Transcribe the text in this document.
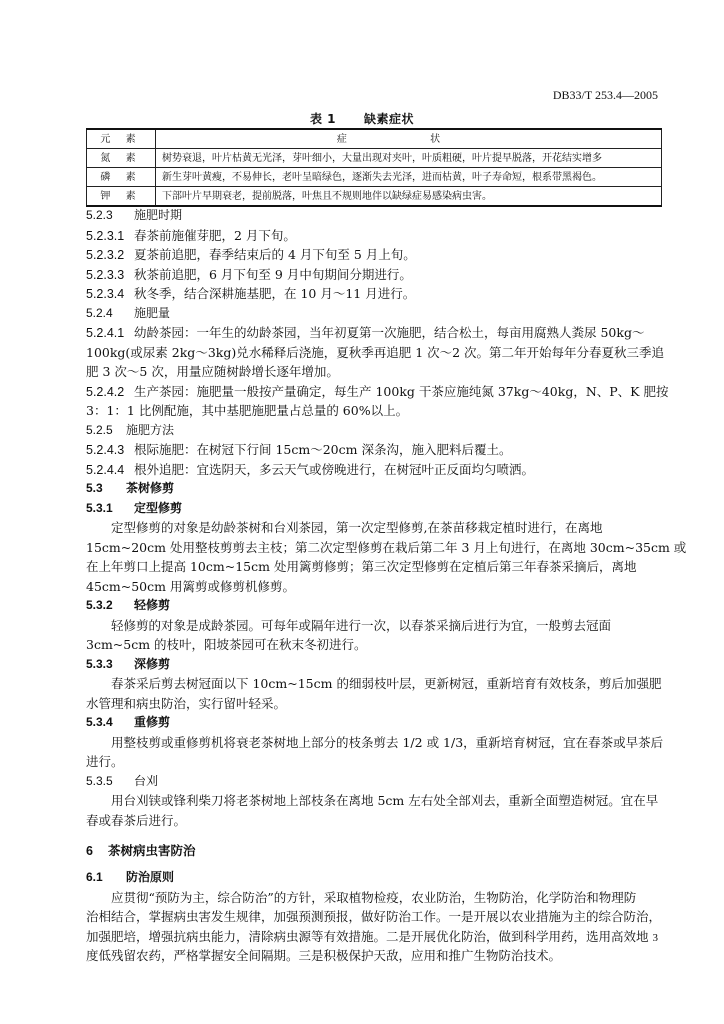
DB33/T 253.4—2005
表 1 缺素症状
元 素	症 状
氮 素	树势衰退，叶片枯黄无光泽，芽叶细小，大量出现对夹叶，叶质粗硬，叶片提早脱落，开花结实增多
磷 素	新生芽叶黄瘦，不易伸长，老叶呈暗绿色，逐渐失去光泽，进而枯黄，叶子寿命短，根系带黑褐色。
钾 素	下部叶片早期衰老，提前脱落，叶焦且不规则地伴以缺绿症易感染病虫害。
5.2.3 施肥时期
5.2.3.1 春茶前施催芽肥，2 月下旬。
5.2.3.2 夏茶前追肥，春季结束后的 4 月下旬至 5 月上旬。
5.2.3.3 秋茶前追肥，6 月下旬至 9 月中旬期间分期进行。
5.2.3.4 秋冬季，结合深耕施基肥，在 10 月～11 月进行。
5.2.4 施肥量
5.2.4.1 幼龄茶园：一年生的幼龄茶园，当年初夏第一次施肥，结合松土，每亩用腐熟人粪尿 50kg～
100kg(或尿素 2kg～3kg)兑水稀释后浇施，夏秋季再追肥 1 次～2 次。第二年开始每年分春夏秋三季追
肥 3 次～5 次，用量应随树龄增长逐年增加。
5.2.4.2 生产茶园：施肥量一般按产量确定，每生产 100kg 干茶应施纯氮 37kg～40kg，N、P、K 肥按
3：1：1 比例配施，其中基肥施肥量占总量的 60%以上。
5.2.5 施肥方法
5.2.4.3 根际施肥：在树冠下行间 15cm～20cm 深条沟，施入肥料后覆土。
5.2.4.4 根外追肥：宜选阴天，多云天气或傍晚进行，在树冠叶正反面均匀喷洒。
5.3 茶树修剪
5.3.1 定型修剪
定型修剪的对象是幼龄茶树和台刈茶园，第一次定型修剪,在茶苗移栽定植时进行，在离地
15cm~20cm 处用整枝剪剪去主枝；第二次定型修剪在栽后第二年 3 月上旬进行，在离地 30cm~35cm 或
在上年剪口上提高 10cm~15cm 处用篱剪修剪；第三次定型修剪在定植后第三年春茶采摘后，离地
45cm~50cm 用篱剪或修剪机修剪。
5.3.2 轻修剪
轻修剪的对象是成龄茶园。可每年或隔年进行一次，以春茶采摘后进行为宜，一般剪去冠面
3cm~5cm 的枝叶，阳坡茶园可在秋末冬初进行。
5.3.3 深修剪
春茶采后剪去树冠面以下 10cm~15cm 的细弱枝叶层，更新树冠，重新培育有效枝条，剪后加强肥
水管理和病虫防治，实行留叶轻采。
5.3.4 重修剪
用整枝剪或重修剪机将衰老茶树地上部分的枝条剪去 1/2 或 1/3，重新培育树冠，宜在春茶或早茶后
进行。
5.3.5 台刈
用台刈铗或锋利柴刀将老茶树地上部枝条在离地 5cm 左右处全部刈去，重新全面塑造树冠。宜在早
春或春茶后进行。
6 茶树病虫害防治
6.1 防治原则
应贯彻“预防为主，综合防治”的方针，采取植物检疫，农业防治，生物防治，化学防治和物理防
治相结合，掌握病虫害发生规律，加强预测预报，做好防治工作。一是开展以农业措施为主的综合防治，
加强肥培，增强抗病虫能力，清除病虫源等有效措施。二是开展优化防治，做到科学用药，选用高效地
度低残留农药，严格掌握安全间隔期。三是积极保护天敌，应用和推广生物防治技术。
3
